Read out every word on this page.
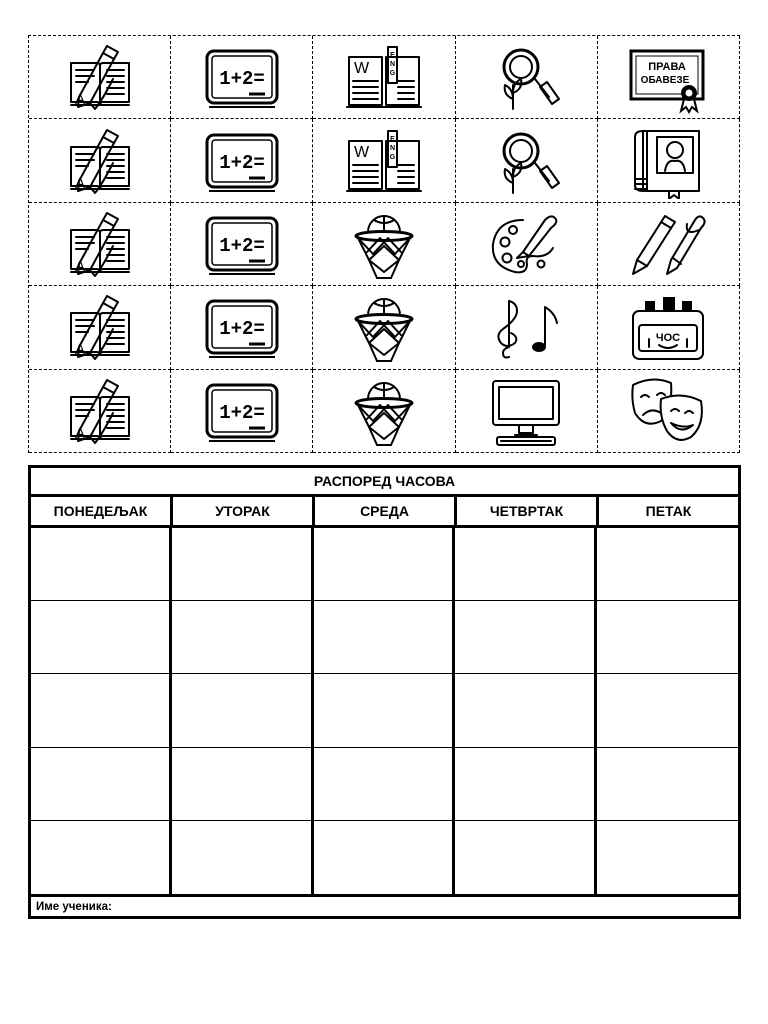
A
1+2=	W
E
N
G
ПРАВА
ОБАВЕЗЕ
A
1+2=	W
E
N
G
A
1+2=
A
1+2=	ЧОС
A
1+2=
РАСПОРЕД ЧАСОВА
ПОНЕДЕЉАК	УТОРАК	СРЕДА	ЧЕТВРТАК	ПЕТАК
Име ученика:
